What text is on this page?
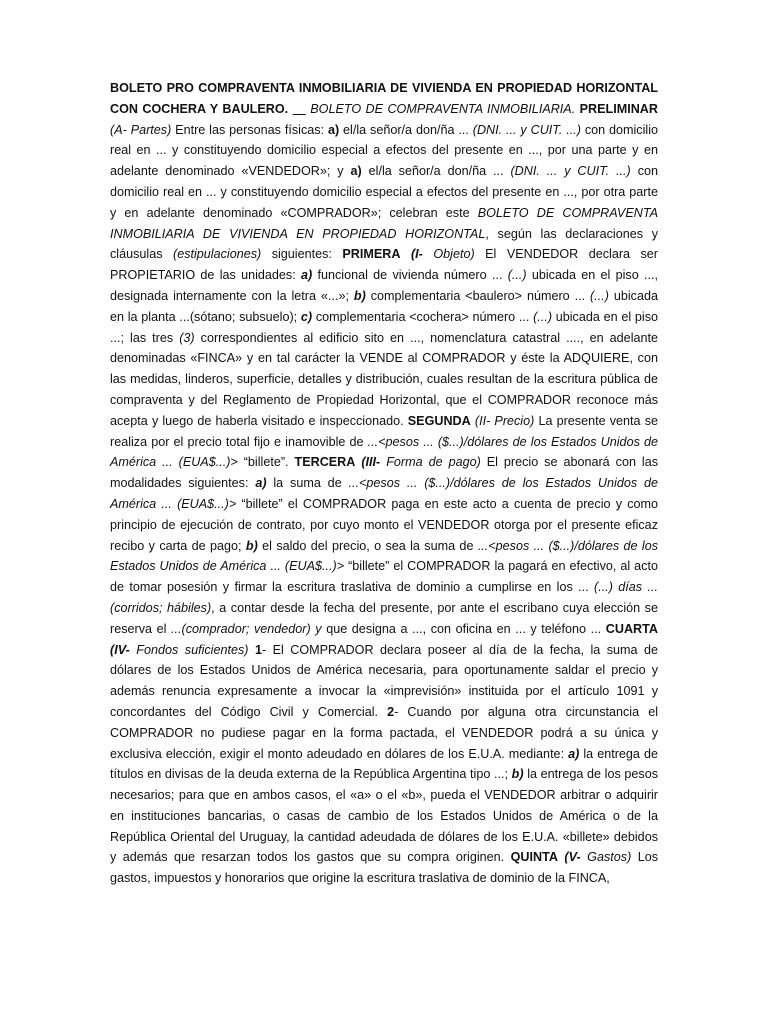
BOLETO PRO COMPRAVENTA INMOBILIARIA DE VIVIENDA EN PROPIEDAD HORIZONTAL CON COCHERA Y BAULERO.     BOLETO DE COMPRAVENTA INMOBILIARIA. PRELIMINAR (A- Partes) Entre las personas físicas: a) el/la señor/a don/ña ... (DNI. ... y CUIT. ...) con domicilio real en ... y constituyendo domicilio especial a efectos del presente en ..., por una parte y en adelante denominado «VENDEDOR»; y a) el/la señor/a don/ña ... (DNI. ... y CUIT. ...) con domicilio real en ... y constituyendo domicilio especial a efectos del presente en ..., por otra parte y en adelante denominado «COMPRADOR»; celebran este BOLETO DE COMPRAVENTA INMOBILIARIA DE VIVIENDA EN PROPIEDAD HORIZONTAL, según las declaraciones y cláusulas (estipulaciones) siguientes: PRIMERA (I- Objeto) El VENDEDOR declara ser PROPIETARIO de las unidades: a) funcional de vivienda número ... (...) ubicada en el piso ..., designada internamente con la letra «...»; b) complementaria <baulero> número ... (...) ubicada en la planta ...(sótano; subsuelo); c) complementaria <cochera> número ... (...) ubicada en el piso ...; las tres (3) correspondientes al edificio sito en ..., nomenclatura catastral ...., en adelante denominadas «FINCA» y en tal carácter la VENDE al COMPRADOR y éste la ADQUIERE, con las medidas, linderos, superficie, detalles y distribución, cuales resultan de la escritura pública de compraventa y del Reglamento de Propiedad Horizontal, que el COMPRADOR reconoce más acepta y luego de haberla visitado e inspeccionado. SEGUNDA (II- Precio) La presente venta se realiza por el precio total fijo e inamovible de ...<pesos ... ($...)/dólares de los Estados Unidos de América ... (EUA$...)> “billete”. TERCERA (III- Forma de pago) El precio se abonará con las modalidades siguientes: a) la suma de ...<pesos ... ($...)/dólares de los Estados Unidos de América ... (EUA$...)> “billete” el COMPRADOR paga en este acto a cuenta de precio y como principio de ejecución de contrato, por cuyo monto el VENDEDOR otorga por el presente eficaz recibo y carta de pago; b) el saldo del precio, o sea la suma de ...<pesos ... ($...)/dólares de los Estados Unidos de América ... (EUA$...)> “billete” el COMPRADOR la pagará en efectivo, al acto de tomar posesión y firmar la escritura traslativa de dominio a cumplirse en los ... (...) días ... (corridos; hábiles), a contar desde la fecha del presente, por ante el escribano cuya elección se reserva el ...(comprador; vendedor) y que designa a ..., con oficina en ... y teléfono ... CUARTA (IV- Fondos suficientes) 1- El COMPRADOR declara poseer al día de la fecha, la suma de dólares de los Estados Unidos de América necesaria, para oportunamente saldar el precio y además renuncia expresamente a invocar la «imprevisión» instituida por el artículo 1091 y concordantes del Código Civil y Comercial. 2- Cuando por alguna otra circunstancia el COMPRADOR no pudiese pagar en la forma pactada, el VENDEDOR podrá a su única y exclusiva elección, exigir el monto adeudado en dólares de los E.U.A. mediante: a) la entrega de títulos en divisas de la deuda externa de la República Argentina tipo ...; b) la entrega de los pesos necesarios; para que en ambos casos, el «a» o el «b», pueda el VENDEDOR arbitrar o adquirir en instituciones bancarias, o casas de cambio de los Estados Unidos de América o de la República Oriental del Uruguay, la cantidad adeudada de dólares de los E.U.A. «billete» debidos y además que resarzan todos los gastos que su compra originen. QUINTA (V- Gastos) Los gastos, impuestos y honorarios que origine la escritura traslativa de dominio de la FINCA,
